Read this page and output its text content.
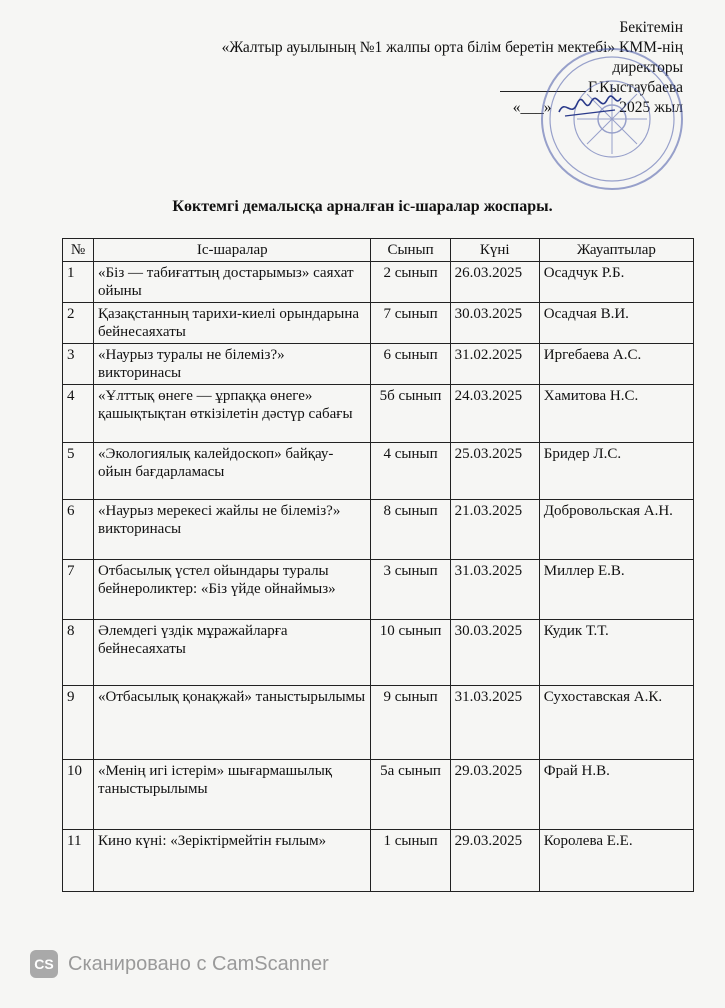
Бекітемін
«Жалтыр ауылының №1 жалпы орта білім беретін мектебі» КММ-нің
директоры
Г.Кыстаубаева
«___»	2025 жыл
Көктемгі демалысқа арналған іс-шаралар жоспары.
№	Іс-шаралар	Сынып	Күні	Жауаптылар
1	«Біз — табиғаттың достарымыз» саяхат ойыны	2 сынып	26.03.2025	Осадчук Р.Б.
2	Қазақстанның тарихи-киелі орындарына бейнесаяхаты	7 сынып	30.03.2025	Осадчая В.И.
3	«Наурыз туралы не білеміз?» викторинасы	6 сынып	31.02.2025	Иргебаева А.С.
4	«Ұлттық өнеге — ұрпаққа өнеге» қашықтықтан өткізілетін дәстүр сабағы	5б сынып	24.03.2025	Хамитова Н.С.
5	«Экологиялық калейдоскоп» байқау-ойын бағдарламасы	4 сынып	25.03.2025	Бридер Л.С.
6	«Наурыз мерекесі жайлы не білеміз?» викторинасы	8 сынып	21.03.2025	Добровольская А.Н.
7	Отбасылық үстел ойындары туралы бейнероликтер: «Біз үйде ойнаймыз»	3 сынып	31.03.2025	Миллер Е.В.
8	Әлемдегі үздік мұражайларға бейнесаяхаты	10 сынып	30.03.2025	Кудик Т.Т.
9	«Отбасылық қонақжай» таныстырылымы	9 сынып	31.03.2025	Сухоставская А.К.
10	«Менің игі істерім» шығармашылық таныстырылымы	5а сынып	29.03.2025	Фрай Н.В.
11	Кино күні: «Зеріктірмейтін ғылым»	1 сынып	29.03.2025	Королева Е.Е.
CS Сканировано с CamScanner
